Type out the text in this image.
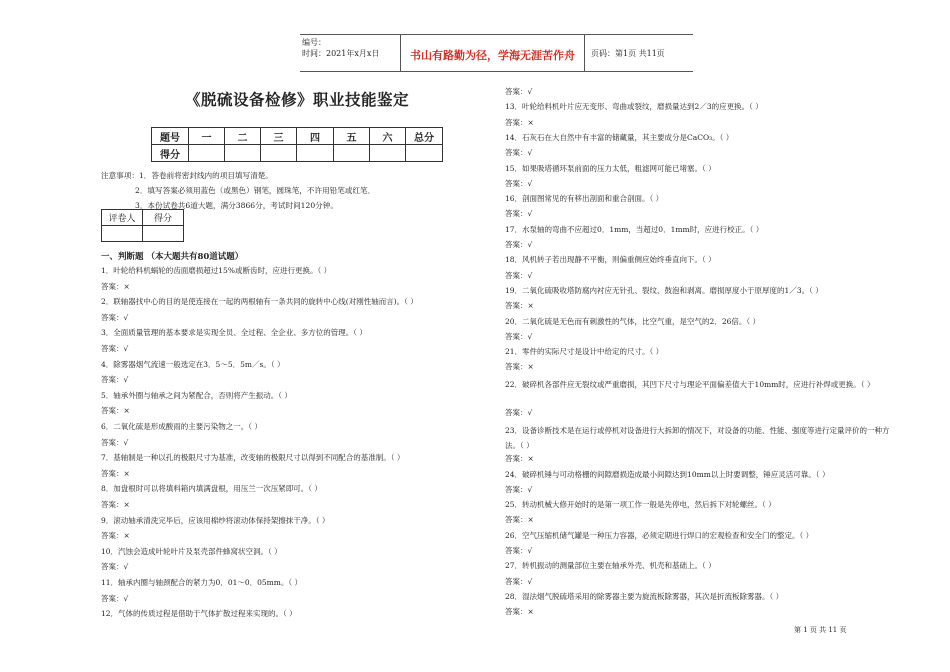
编号：
时间：2021年x月x日	书山有路勤为径，学海无涯苦作舟	页码：第1页 共11页
《脱硫设备检修》职业技能鉴定
题号	一	二	三	四	五	六	总分
得分							
注意事项：1．答卷前将密封线内的项目填写清楚。
2．填写答案必须用蓝色（或黑色）钢笔，圆珠笔，不许用铅笔或红笔．
3．本份试卷共6道大题，满分3866分，考试时间120分钟。
评卷人	得分

一、判断题 （本大题共有80道试题）
1．叶轮给料机蜗轮的齿面磨损超过15%或断齿时，应进行更换。（ ）
答案：×
2．联轴器找中心的目的是使连接在一起的两根轴有一条共同的旋转中心线(对刚性轴而言)。（ ）
答案：√
3．全面质量管理的基本要求是实现全员、全过程、全企业、多方位的管理。（ ）
答案：√
4．除雾器烟气流速一般选定在3．5～5．5m／s。（ ）
答案：√
5．轴承外圈与轴承之间为紧配合，否则将产生振动。（ ）
答案：×
6．二氧化硫是形成酸雨的主要污染物之一。（ ）
答案：√
7．基轴制是一种以孔的极限尺寸为基准，改变轴的极限尺寸以得到不同配合的基准制。（ ）
答案：×
8．加盘根时可以将填料箱内填满盘根，用压兰一次压紧即可。（ ）
答案：×
9．滚动轴承清洗完毕后，应该用棉纱将滚动体保持架擦抹干净。（ ）
答案：×
10．汽蚀会造成叶轮叶片及泵壳部件蜂窝状空洞。（ ）
答案：√
11．轴承内圈与轴颈配合的紧力为0．01～0．05mm。（ ）
答案：√
12．气体的传质过程是借助于气体扩散过程来实现的。（ ）
答案：√
13．叶轮给料机叶片应无变形、弯曲或裂纹，磨损量达到2／3的应更换。（ ）
答案：×
14．石灰石在大自然中有丰富的储藏量，其主要成分是CaCO₃。（ ）
答案：√
15．如果吸塔循环泵前面的压力太低，粗滤网可能已堵塞。（ ）
答案：√
16．剖面图常见的有移出剖面和重合剖面。（ ）
答案：√
17．水泵轴的弯曲不应超过0．1mm，当超过0．1mm时，应进行校正。（ ）
答案：√
18．风机转子若出现静不平衡，则偏重侧应始终垂直向下。（ ）
答案：√
19．二氧化硫吸收塔防腐内衬应无针孔、裂纹、鼓泡和剥离。磨损厚度小于原厚度的1／3。（ ）
答案：×
20．二氧化硫是无色而有刺激性的气体，比空气重，是空气的2．26倍。（ ）
答案：√
21．零件的实际尺寸是设计中给定的尺寸。（ ）
答案：×
22．破碎机各部件应无裂纹或严重磨损，其凹下尺寸与理论平面偏差值大于10mm时，应进行补焊或更换。（ ）
答案：√
23．设备诊断技术是在运行或停机对设备进行大拆卸的情况下，对设备的功能、性能、强度等进行定量评价的一种方法。（ ）
答案：×
24．破碎机锤与可动格栅的间隙磨损造成最小间隙达到10mm以上时要调整，锤应灵活可靠。（ ）
答案：√
25．转动机械大修开始时的是第一项工作一般是先停电，然后拆下对轮螺丝。（ ）
答案：×
26．空气压缩机储气罐是一种压力容器，必须定期进行焊口的宏观检查和安全门的整定。（ ）
答案：√
27．转机振动的测量部位主要在轴承外壳、机壳和基础上。（ ）
答案：√
28．湿法烟气脱硫塔采用的除雾器主要为旋流板除雾器，其次是折流板除雾器。（ ）
答案：×
第 1 页 共 11 页
